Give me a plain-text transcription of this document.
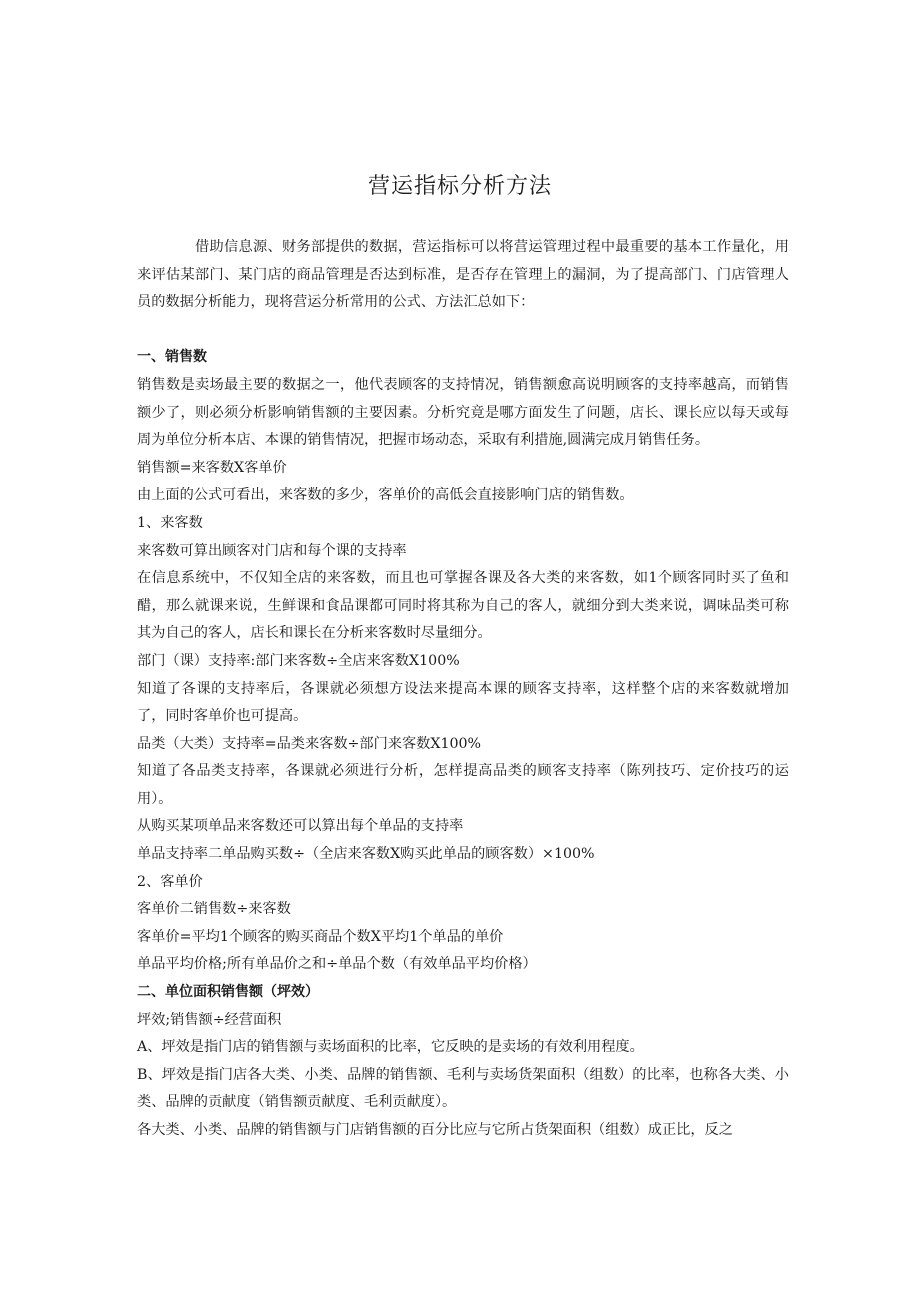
营运指标分析方法

借助信息源、财务部提供的数据，营运指标可以将营运管理过程中最重要的基本工作量化，用来评估某部门、某门店的商品管理是否达到标准，是否存在管理上的漏洞，为了提高部门、门店管理人员的数据分析能力，现将营运分析常用的公式、方法汇总如下：

一、销售数

销售数是卖场最主要的数据之一，他代表顾客的支持情况，销售额愈高说明顾客的支持率越高，而销售额少了，则必须分析影响销售额的主要因素。分析究竟是哪方面发生了问题，店长、课长应以每天或每周为单位分析本店、本课的销售情况，把握市场动态，采取有利措施,圆满完成月销售任务。

销售额=来客数X客单价

由上面的公式可看出，来客数的多少，客单价的高低会直接影响门店的销售数。

1、来客数

来客数可算出顾客对门店和每个课的支持率

在信息系统中，不仅知全店的来客数，而且也可掌握各课及各大类的来客数，如1个顾客同时买了鱼和醋，那么就课来说，生鲜课和食品课都可同时将其称为自己的客人，就细分到大类来说，调味品类可称其为自己的客人，店长和课长在分析来客数时尽量细分。

部门（课）支持率:部门来客数÷全店来客数X100%

知道了各课的支持率后，各课就必须想方设法来提高本课的顾客支持率，这样整个店的来客数就增加了，同时客单价也可提高。

品类（大类）支持率=品类来客数÷部门来客数X100%

知道了各品类支持率，各课就必须进行分析，怎样提高品类的顾客支持率（陈列技巧、定价技巧的运用）。

从购买某项单品来客数还可以算出每个单品的支持率

单品支持率二单品购买数÷（全店来客数X购买此单品的顾客数）×100%

2、客单价

客单价二销售数÷来客数

客单价=平均1个顾客的购买商品个数X平均1个单品的单价

单品平均价格;所有单品价之和÷单品个数（有效单品平均价格）

二、单位面积销售额（坪效）

坪效;销售额÷经营面积

A、坪效是指门店的销售额与卖场面积的比率，它反映的是卖场的有效利用程度。

B、坪效是指门店各大类、小类、品牌的销售额、毛利与卖场货架面积（组数）的比率，也称各大类、小类、品牌的贡献度（销售额贡献度、毛利贡献度）。

各大类、小类、品牌的销售额与门店销售额的百分比应与它所占货架面积（组数）成正比，反之
